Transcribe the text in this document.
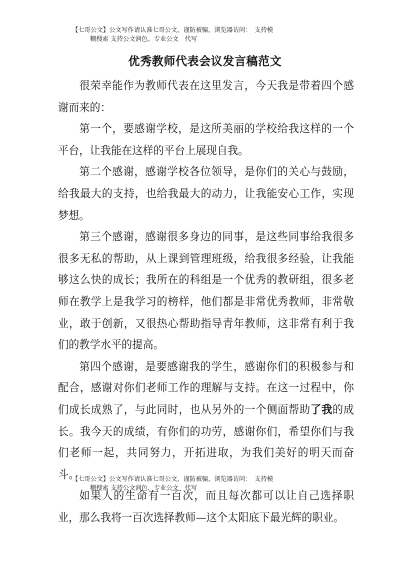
【七哥公文】公文写作请认准七哥公文，谨防被骗，浏览器访问：　支持模
糊搜索 支持公文润色、专业公文　代写
优秀教师代表会议发言稿范文

很荣幸能作为教师代表在这里发言，今天我是带着四个感谢而来的：

第一个，要感谢学校，是这所美丽的学校给我这样的一个平台，让我能在这样的平台上展现自我。

第二个感谢，感谢学校各位领导，是你们的关心与鼓励，给我最大的支持，也给我最大的动力，让我能安心工作，实现梦想。

第三个感谢，感谢很多身边的同事，是这些同事给我很多很多无私的帮助，从上课到管理班级，给我很多经验，让我能够这么快的成长；我所在的科组是一个优秀的教研组，很多老师在教学上是我学习的榜样，他们都是非常优秀教师，非常敬业，敢于创新，又很热心帮助指导青年教师，这非常有利于我们的教学水平的提高。

第四个感谢，是要感谢我的学生，感谢你们的积极参与和配合，感谢对你们老师工作的理解与支持。在这一过程中，你们成长成熟了，与此同时，也从另外的一个侧面帮助了我的成长。我今天的成绩，有你们的功劳，感谢你们，希望你们与我们老师一起，共同努力，开拓进取，为我们美好的明天而奋斗。

如果人的生命有一百次，而且每次都可以让自己选择职业，那么我将一百次选择教师—这个太阳底下最光辉的职业。

【七哥公文】公文写作请认准七哥公文，谨防被骗，浏览器访问：　支持模
糊搜索 支持公文润色、专业公文　代写
